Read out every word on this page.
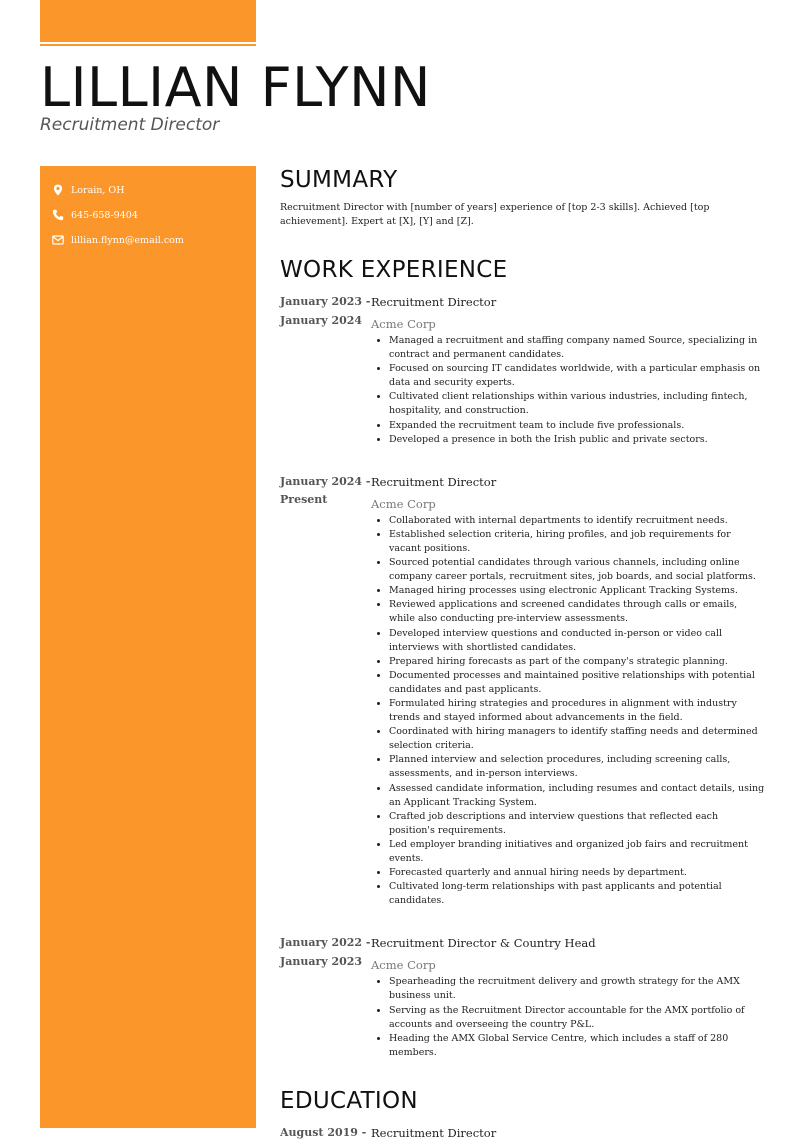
LILLIAN FLYNN
Recruitment Director
Lorain, OH
645-658-9404
lillian.flynn@email.com
SUMMARY

Recruitment Director with [number of years] experience of [top 2-3 skills]. Achieved [top achievement]. Expert at [X], [Y] and [Z].

WORK EXPERIENCE
January 2023 - January 2024
Recruitment Director
Acme Corp
• Managed a recruitment and staffing company named Source, specializing in contract and permanent candidates.
• Focused on sourcing IT candidates worldwide, with a particular emphasis on data and security experts.
• Cultivated client relationships within various industries, including fintech, hospitality, and construction.
• Expanded the recruitment team to include five professionals.
• Developed a presence in both the Irish public and private sectors.
January 2024 - Present
Recruitment Director
Acme Corp
• Collaborated with internal departments to identify recruitment needs.
• Established selection criteria, hiring profiles, and job requirements for vacant positions.
• Sourced potential candidates through various channels, including online company career portals, recruitment sites, job boards, and social platforms.
• Managed hiring processes using electronic Applicant Tracking Systems.
• Reviewed applications and screened candidates through calls or emails, while also conducting pre-interview assessments.
• Developed interview questions and conducted in-person or video call interviews with shortlisted candidates.
• Prepared hiring forecasts as part of the company's strategic planning.
• Documented processes and maintained positive relationships with potential candidates and past applicants.
• Formulated hiring strategies and procedures in alignment with industry trends and stayed informed about advancements in the field.
• Coordinated with hiring managers to identify staffing needs and determined selection criteria.
• Planned interview and selection procedures, including screening calls, assessments, and in-person interviews.
• Assessed candidate information, including resumes and contact details, using an Applicant Tracking System.
• Crafted job descriptions and interview questions that reflected each position's requirements.
• Led employer branding initiatives and organized job fairs and recruitment events.
• Forecasted quarterly and annual hiring needs by department.
• Cultivated long-term relationships with past applicants and potential candidates.
January 2022 - January 2023
Recruitment Director & Country Head
Acme Corp
• Spearheading the recruitment delivery and growth strategy for the AMX business unit.
• Serving as the Recruitment Director accountable for the AMX portfolio of accounts and overseeing the country P&L.
• Heading the AMX Global Service Centre, which includes a staff of 280 members.
EDUCATION
August 2019 - Recruitment Director
